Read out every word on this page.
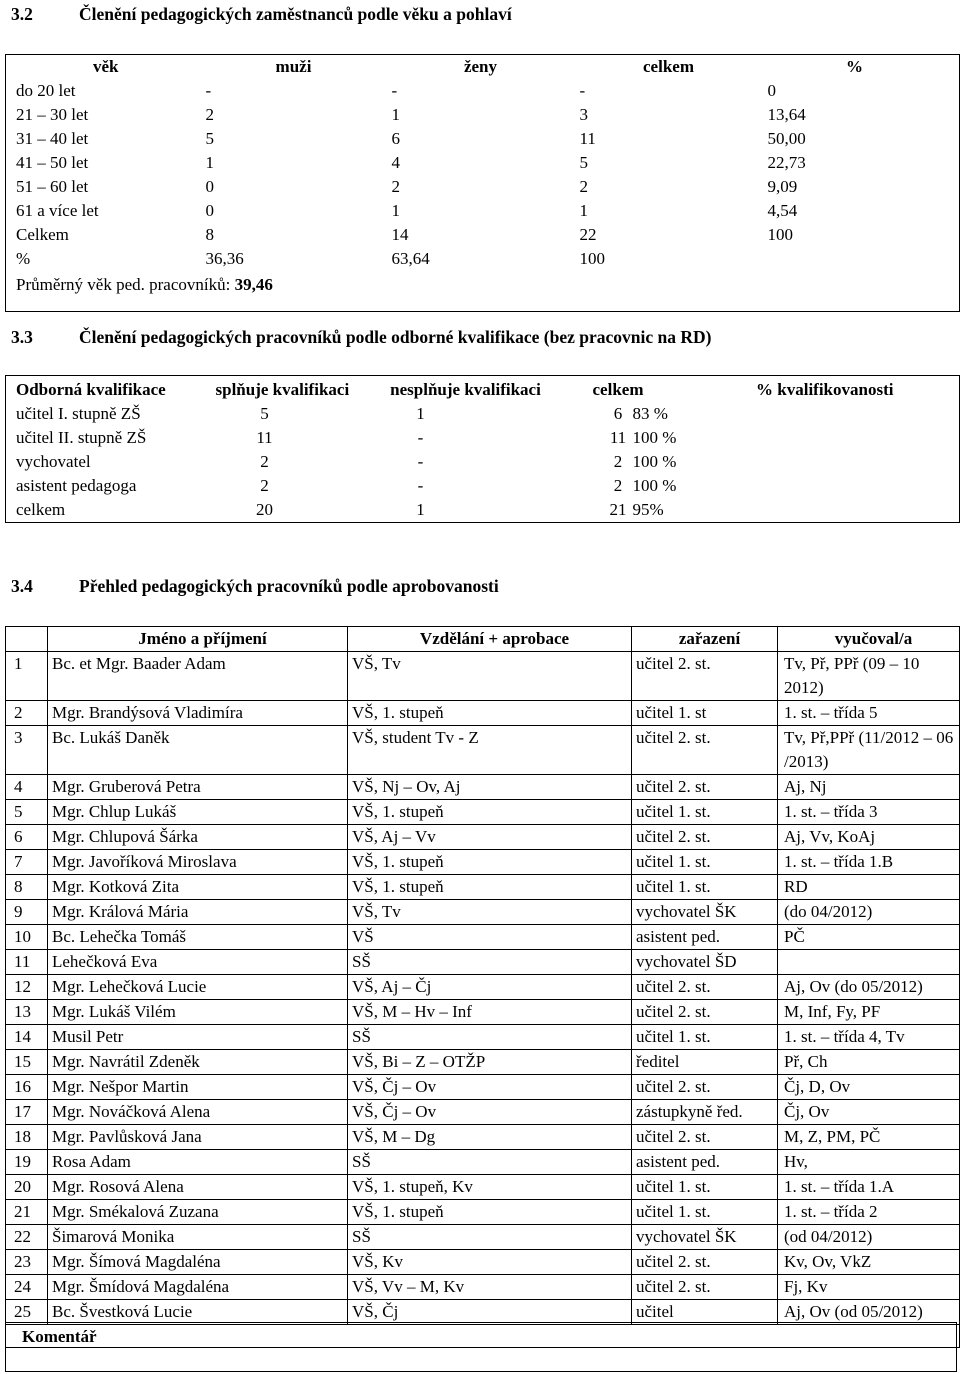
3.2	Členění pedagogických zaměstnanců podle věku a pohlaví
věk	muži	ženy	celkem	%
do 20 let	-	-	-	0
21 – 30 let	2	1	3	13,64
31 – 40 let	5	6	11	50,00
41 – 50 let	1	4	5	22,73
51 – 60 let	0	2	2	9,09
61 a více let	0	1	1	4,54
Celkem	8	14	22	100
%	36,36	63,64	100	
Průměrný věk ped. pracovníků: 39,46				
3.3	Členění pedagogických pracovníků podle odborné kvalifikace (bez pracovnic na RD)
Odborná kvalifikace	splňuje kvalifikaci	nesplňuje kvalifikaci	celkem	% kvalifikovanosti
učitel I. stupně ZŠ	5	1	6	83 %
učitel II. stupně ZŠ	11	-	11	100 %
vychovatel	2	-	2	100 %
asistent pedagoga	2	-	2	100 %
celkem	20	1	21	95%
3.4	Přehled pedagogických pracovníků podle aprobovanosti
	Jméno a příjmení	Vzdělání + aprobace	zařazení	vyučoval/a
1	Bc. et Mgr. Baader Adam	VŠ, Tv	učitel 2. st.	Tv, Př, PPř (09 – 10 2012)
2	Mgr. Brandýsová Vladimíra	VŠ, 1. stupeň	učitel 1. st	1. st. – třída 5
3	Bc. Lukáš Daněk	VŠ, student Tv - Z	učitel 2. st.	Tv, Př,PPř (11/2012 – 06 /2013)
4	Mgr. Gruberová Petra	VŠ, Nj – Ov, Aj	učitel 2. st.	Aj, Nj
5	Mgr. Chlup Lukáš	VŠ, 1. stupeň	učitel 1. st.	1. st. – třída 3
6	Mgr. Chlupová Šárka	VŠ, Aj – Vv	učitel 2. st.	Aj, Vv, KoAj
7	Mgr. Javoříková Miroslava	VŠ, 1. stupeň	učitel 1. st.	1. st. – třída 1.B
8	Mgr. Kotková Zita	VŠ, 1. stupeň	učitel 1. st.	RD
9	Mgr. Králová Mária	VŠ, Tv	vychovatel ŠK	(do 04/2012)
10	Bc. Lehečka Tomáš	VŠ	asistent ped.	PČ
11	Lehečková Eva	SŠ	vychovatel ŠD	
12	Mgr. Lehečková Lucie	VŠ, Aj – Čj	učitel 2. st.	Aj, Ov (do 05/2012)
13	Mgr. Lukáš Vilém	VŠ, M – Hv – Inf	učitel 2. st.	M, Inf, Fy, PF
14	Musil Petr	SŠ	učitel 1. st.	1. st. – třída 4, Tv
15	Mgr. Navrátil Zdeněk	VŠ, Bi – Z – OTŽP	ředitel	Př, Ch
16	Mgr. Nešpor Martin	VŠ, Čj – Ov	učitel 2. st.	Čj, D, Ov
17	Mgr. Nováčková Alena	VŠ, Čj – Ov	zástupkyně řed.	Čj, Ov
18	Mgr. Pavlůsková Jana	VŠ, M – Dg	učitel 2. st.	M, Z, PM, PČ
19	Rosa Adam	SŠ	asistent ped.	Hv,
20	Mgr. Rosová Alena	VŠ, 1. stupeň, Kv	učitel 1. st.	1. st. – třída 1.A
21	Mgr. Smékalová Zuzana	VŠ, 1. stupeň	učitel 1. st.	1. st. – třída 2
22	Šimarová Monika	SŠ	vychovatel ŠK	(od 04/2012)
23	Mgr. Šímová Magdaléna	VŠ, Kv	učitel 2. st.	Kv, Ov, VkZ
24	Mgr. Šmídová Magdaléna	VŠ, Vv – M, Kv	učitel 2. st.	Fj, Kv
25	Bc. Švestková Lucie	VŠ, Čj	učitel	Aj, Ov (od 05/2012)

Komentář
